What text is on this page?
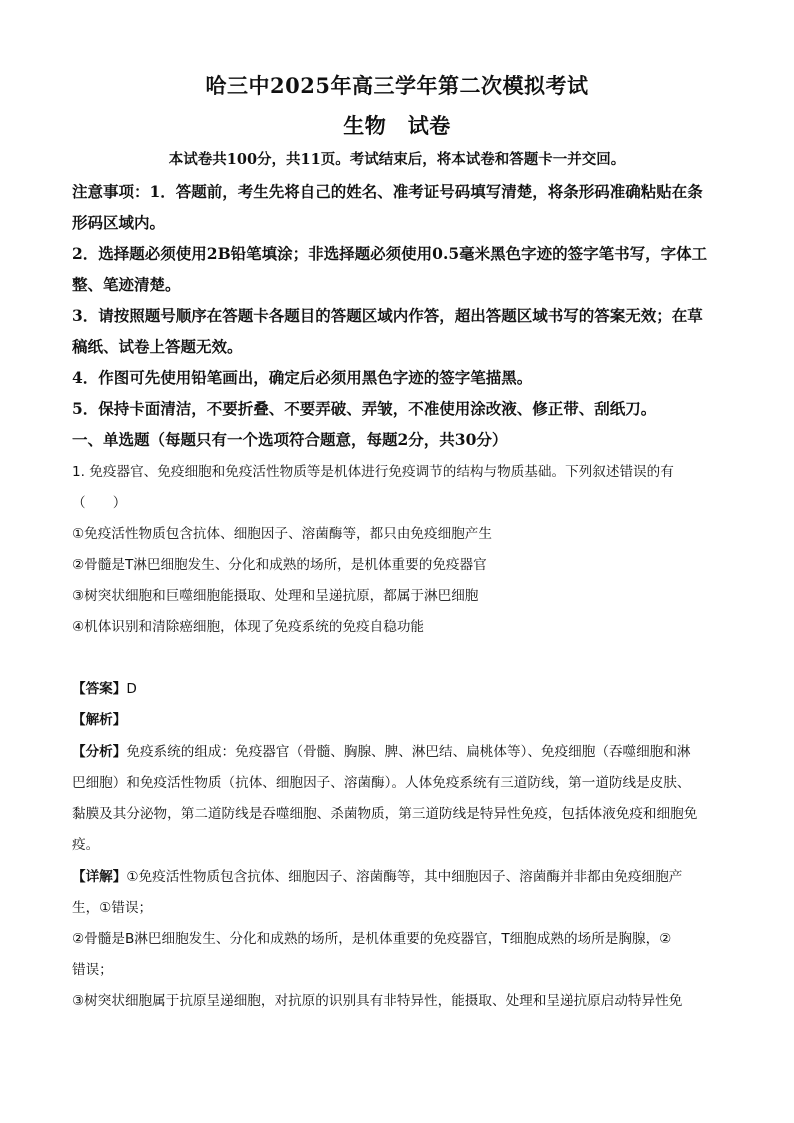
哈三中2025年高三学年第二次模拟考试
生物　试卷
本试卷共100分，共11页。考试结束后，将本试卷和答题卡一并交回。
注意事项：1．答题前，考生先将自己的姓名、准考证号码填写清楚，将条形码准确粘贴在条
形码区域内。
2．选择题必须使用2B铅笔填涂；非选择题必须使用0.5毫米黑色字迹的签字笔书写，字体工
整、笔迹清楚。
3．请按照题号顺序在答题卡各题目的答题区域内作答，超出答题区域书写的答案无效；在草
稿纸、试卷上答题无效。
4．作图可先使用铅笔画出，确定后必须用黑色字迹的签字笔描黑。
5．保持卡面清洁，不要折叠、不要弄破、弄皱，不准使用涂改液、修正带、刮纸刀。
一、单选题（每题只有一个选项符合题意，每题2分，共30分）
1. 免疫器官、免疫细胞和免疫活性物质等是机体进行免疫调节的结构与物质基础。下列叙述错误的有
（　　）
①免疫活性物质包含抗体、细胞因子、溶菌酶等，都只由免疫细胞产生
②骨髓是T淋巴细胞发生、分化和成熟的场所，是机体重要的免疫器官
③树突状细胞和巨噬细胞能摄取、处理和呈递抗原，都属于淋巴细胞
④机体识别和清除癌细胞，体现了免疫系统的免疫自稳功能
【答案】D
【解析】
【分析】免疫系统的组成：免疫器官（骨髓、胸腺、脾、淋巴结、扁桃体等）、免疫细胞（吞噬细胞和淋
巴细胞）和免疫活性物质（抗体、细胞因子、溶菌酶）。人体免疫系统有三道防线，第一道防线是皮肤、
黏膜及其分泌物，第二道防线是吞噬细胞、杀菌物质，第三道防线是特异性免疫，包括体液免疫和细胞免
疫。
【详解】①免疫活性物质包含抗体、细胞因子、溶菌酶等，其中细胞因子、溶菌酶并非都由免疫细胞产
生，①错误；
②骨髓是B淋巴细胞发生、分化和成熟的场所，是机体重要的免疫器官，T细胞成熟的场所是胸腺，②
错误；
③树突状细胞属于抗原呈递细胞，对抗原的识别具有非特异性，能摄取、处理和呈递抗原启动特异性免
